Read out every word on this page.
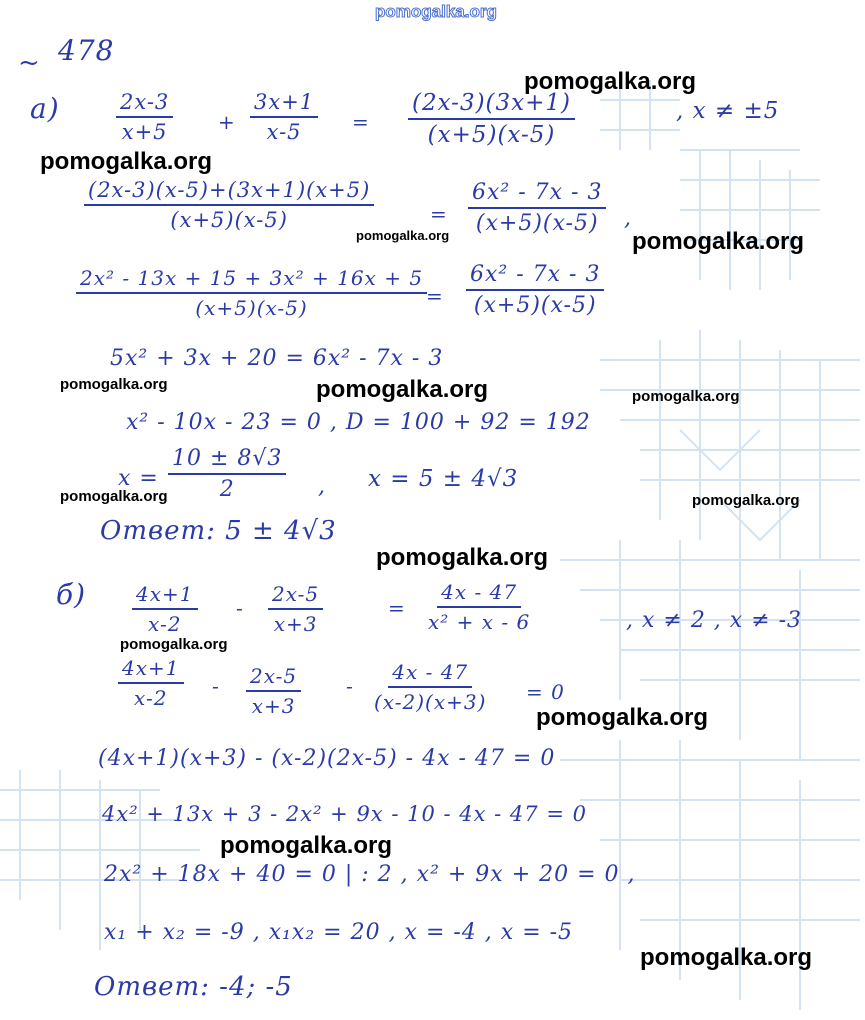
pomogalka.org
~ 478
а)	$\frac{2x-3}{x+5} + \frac{3x+1}{x-5} = \frac{(2x-3)(3x+1)}{(x+5)(x-5)}$	, x ≠ ±5
$\frac{(2x-3)(x-5)+(3x+1)(x+5)}{(x+5)(x-5)}$	= $\frac{\text{6x² - 7x - 3}}{(x+5)(x-5)}$ ,
$\frac{\text{2x² - 13x + 15 + 3x² + 16x + 5}}{(x+5)(x-5)}$
= $\frac{\text{6x² - 7x - 3}}{(x+5)(x-5)}$
5x² + 3x + 20 = 6x² - 7x - 3
x² - 10x - 23 = 0 , D = 100 + 92 = 192
$x = \frac{10 \pm 8√3}{2}$ , x = 5 ± 4√3
Ответ: 5 ± 4√3
$б) \frac{4x+1}{x-2} - \frac{2x-5}{x+3}$	= $\frac{4x - 47}{\text{x² + x - 6}}$	, x ≠ 2 , x ≠ -3
$\frac{4x+1}{x-2} - \frac{2x-5}{x+3} - \frac{4x - 47}{(x-2)(x+3)} = 0$
(4x+1)(x+3) - (x-2)(2x-5) - 4x - 47 = 0
4x² + 13x + 3 - 2x² + 9x - 10 - 4x - 47 = 0
2x² + 18x + 40 = 0 | : 2 , x² + 9x + 20 = 0 ,
x₁ + x₂ = -9 , x₁x₂ = 20 , x = -4 , x = -5
Ответ: -4; -5
pomogalka.org
pomogalka.org
pomogalka.org	pomogalka.org
pomogalka.org	pomogalka.org	pomogalka.org
pomogalka.org	pomogalka.org
pomogalka.org
pomogalka.org
pomogalka.org
pomogalka.org
pomogalka.org
